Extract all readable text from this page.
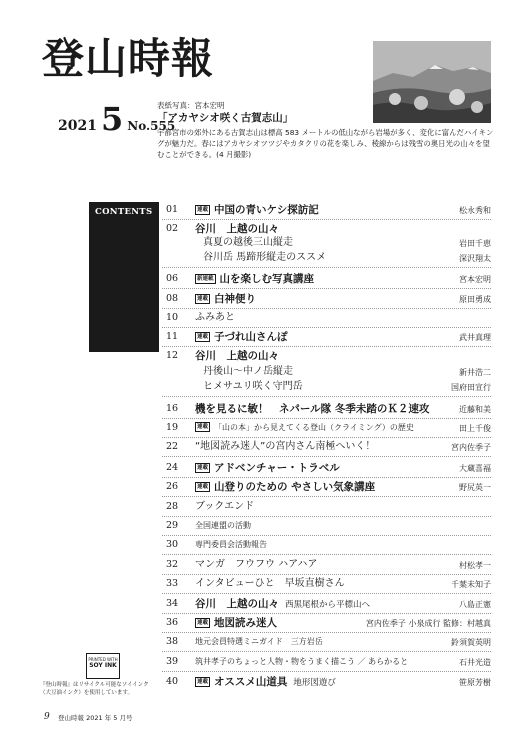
登山時報
2021 5 No.555
表紙写真：宮本宏明
「アカヤシオ咲く古賀志山」
宇都宮市の郊外にある古賀志山は標高 583 メートルの低山ながら岩場が多く、変化に富んだハイキングが魅力だ。春にはアカヤシオツツジやカタクリの花を楽しみ、稜線からは残雪の奥日光の山々を望むことができる。(4 月撮影)
CONTENTS	01	連載 中国の青いケシ探訪記	松永秀和
02 谷川　上越の山々
真夏の越後三山縦走	岩田千恵
谷川岳 馬蹄形縦走のススメ	深沢翔太
06	新連載 山を楽しむ写真講座	宮本宏明
08	連載 白神便り	原田勇成
10 ふみあと
11	連載 子づれ山さんぽ	武井真理
12 谷川　上越の山々
丹後山〜中ノ岳縦走	新井浩二
ヒメサユリ咲く守門岳	国府田宣行
16 機を見るに敏！　ネパール隊 冬季未踏のＫ２速攻	近藤和美
19	連載 「山の本」から見えてくる登山（クライミング）の歴史	田上千俊
22 “地図読み迷人”の宮内さん南極へいく！	宮内佐季子
24	連載 アドベンチャー・トラベル	大蔵喜福
26	連載 山登りのための やさしい気象講座	野尻英一
28 ブックエンド
29 全国連盟の活動
30 専門委員会活動報告
32 マンガ　フウフウ ハアハア	村松孝一
33 インタビューひと　早坂直樹さん	千葉未知子
34 谷川　上越の山々 西黒尾根から平標山へ	八島正憲
36	連載 地図読み迷人	宮内佐季子 小泉成行 監修：村越真
38 地元会員特選ミニガイド　三方岩岳	鈴須賀英明
39 筑井孝子のちょっと人物・物をうまく描こう ／ あらかると	石井光造
40	連載 オススメ山道具 地形図遊び	笹原芳樹
PRINTED WITH
SOY INK
『登山時報』はリサイクル可能なソイインク（大豆油インク）を使用しています。
9 登山時報 2021 年 5 月号
